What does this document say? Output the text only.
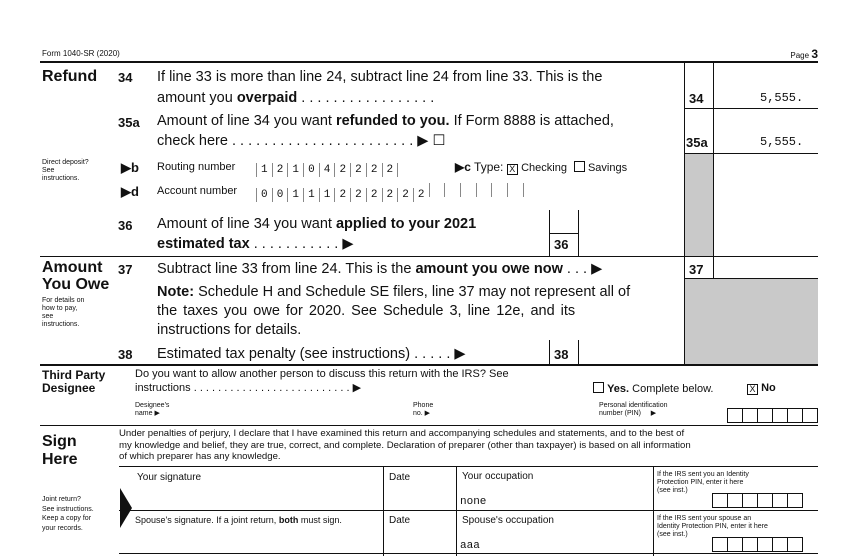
Form 1040-SR (2020)	Page 3
Refund 34 If line 33 is more than line 24, subtract line 24 from line 33. This is the
amount you overpaid . . . . . . . . . . . . . . . . .	34	5,555.
35a Amount of line 34 you want refunded to you. If Form 8888 is attached,
check here . . . . . . . . . . . . . . . . . . . . . . . ▶ ☐	35a	5,555.
Direct deposit?
See
instructions.
▶b Routing number	1 2 1 0 4 2 2 2 2	▶c Type: X Checking Savings
▶d Account number	0 0 1 1 1 2 2 2 2 2 2
36 Amount of line 34 you want applied to your 2021
estimated tax . . . . . . . . . . . ▶	36
Amount
You Owe
For details on
how to pay,
see
instructions.
37 Subtract line 33 from line 24. This is the amount you owe now . . . ▶	37
Note: Schedule H and Schedule SE filers, line 37 may not represent all of
the taxes you owe for 2020. See Schedule 3, line 12e, and its
instructions for details.
38 Estimated tax penalty (see instructions) . . . . . ▶	38
Third Party
Designee
Do you want to allow another person to discuss this return with the IRS? See
instructions . . . . . . . . . . . . . . . . . . . . . . . . . . ▶	Yes. Complete below.	X No
Designee's
name ▶
Phone
no. ▶
Personal identification
number (PIN) ▶
Sign
Here
Under penalties of perjury, I declare that I have examined this return and accompanying schedules and statements, and to the best of
my knowledge and belief, they are true, correct, and complete. Declaration of preparer (other than taxpayer) is based on all information
of which preparer has any knowledge.
Joint return?
See instructions.
Keep a copy for
your records.
Your signature	Date	Your occupation
none
If the IRS sent you an Identity
Protection PIN, enter it here
(see inst.)
Spouse's signature. If a joint return, both must sign.	Date	Spouse's occupation
aaa
If the IRS sent your spouse an
Identity Protection PIN, enter it here
(see inst.)
